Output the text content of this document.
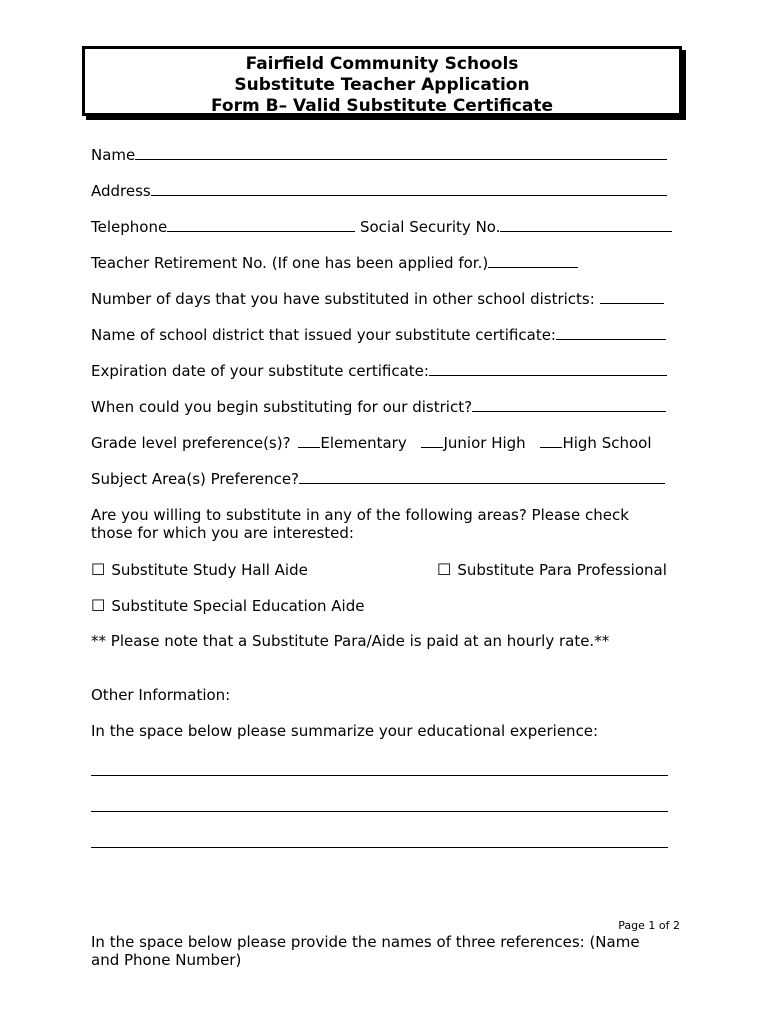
Fairfield Community Schools
Substitute Teacher Application
Form B– Valid Substitute Certificate
Name
Address
Telephone	Social Security No.
Teacher Retirement No. (If one has been applied for.)
Number of days that you have substituted in other school districts:
Name of school district that issued your substitute certificate:
Expiration date of your substitute certificate:
When could you begin substituting for our district?
Grade level preference(s)? Elementary Junior High High School
Subject Area(s) Preference?
Are you willing to substitute in any of the following areas? Please check
those for which you are interested:
☐ Substitute Study Hall Aide	☐ Substitute Para Professional
☐ Substitute Special Education Aide
** Please note that a Substitute Para/Aide is paid at an hourly rate.**
Other Information:
In the space below please summarize your educational experience:
Page 1 of 2
In the space below please provide the names of three references: (Name
and Phone Number)
